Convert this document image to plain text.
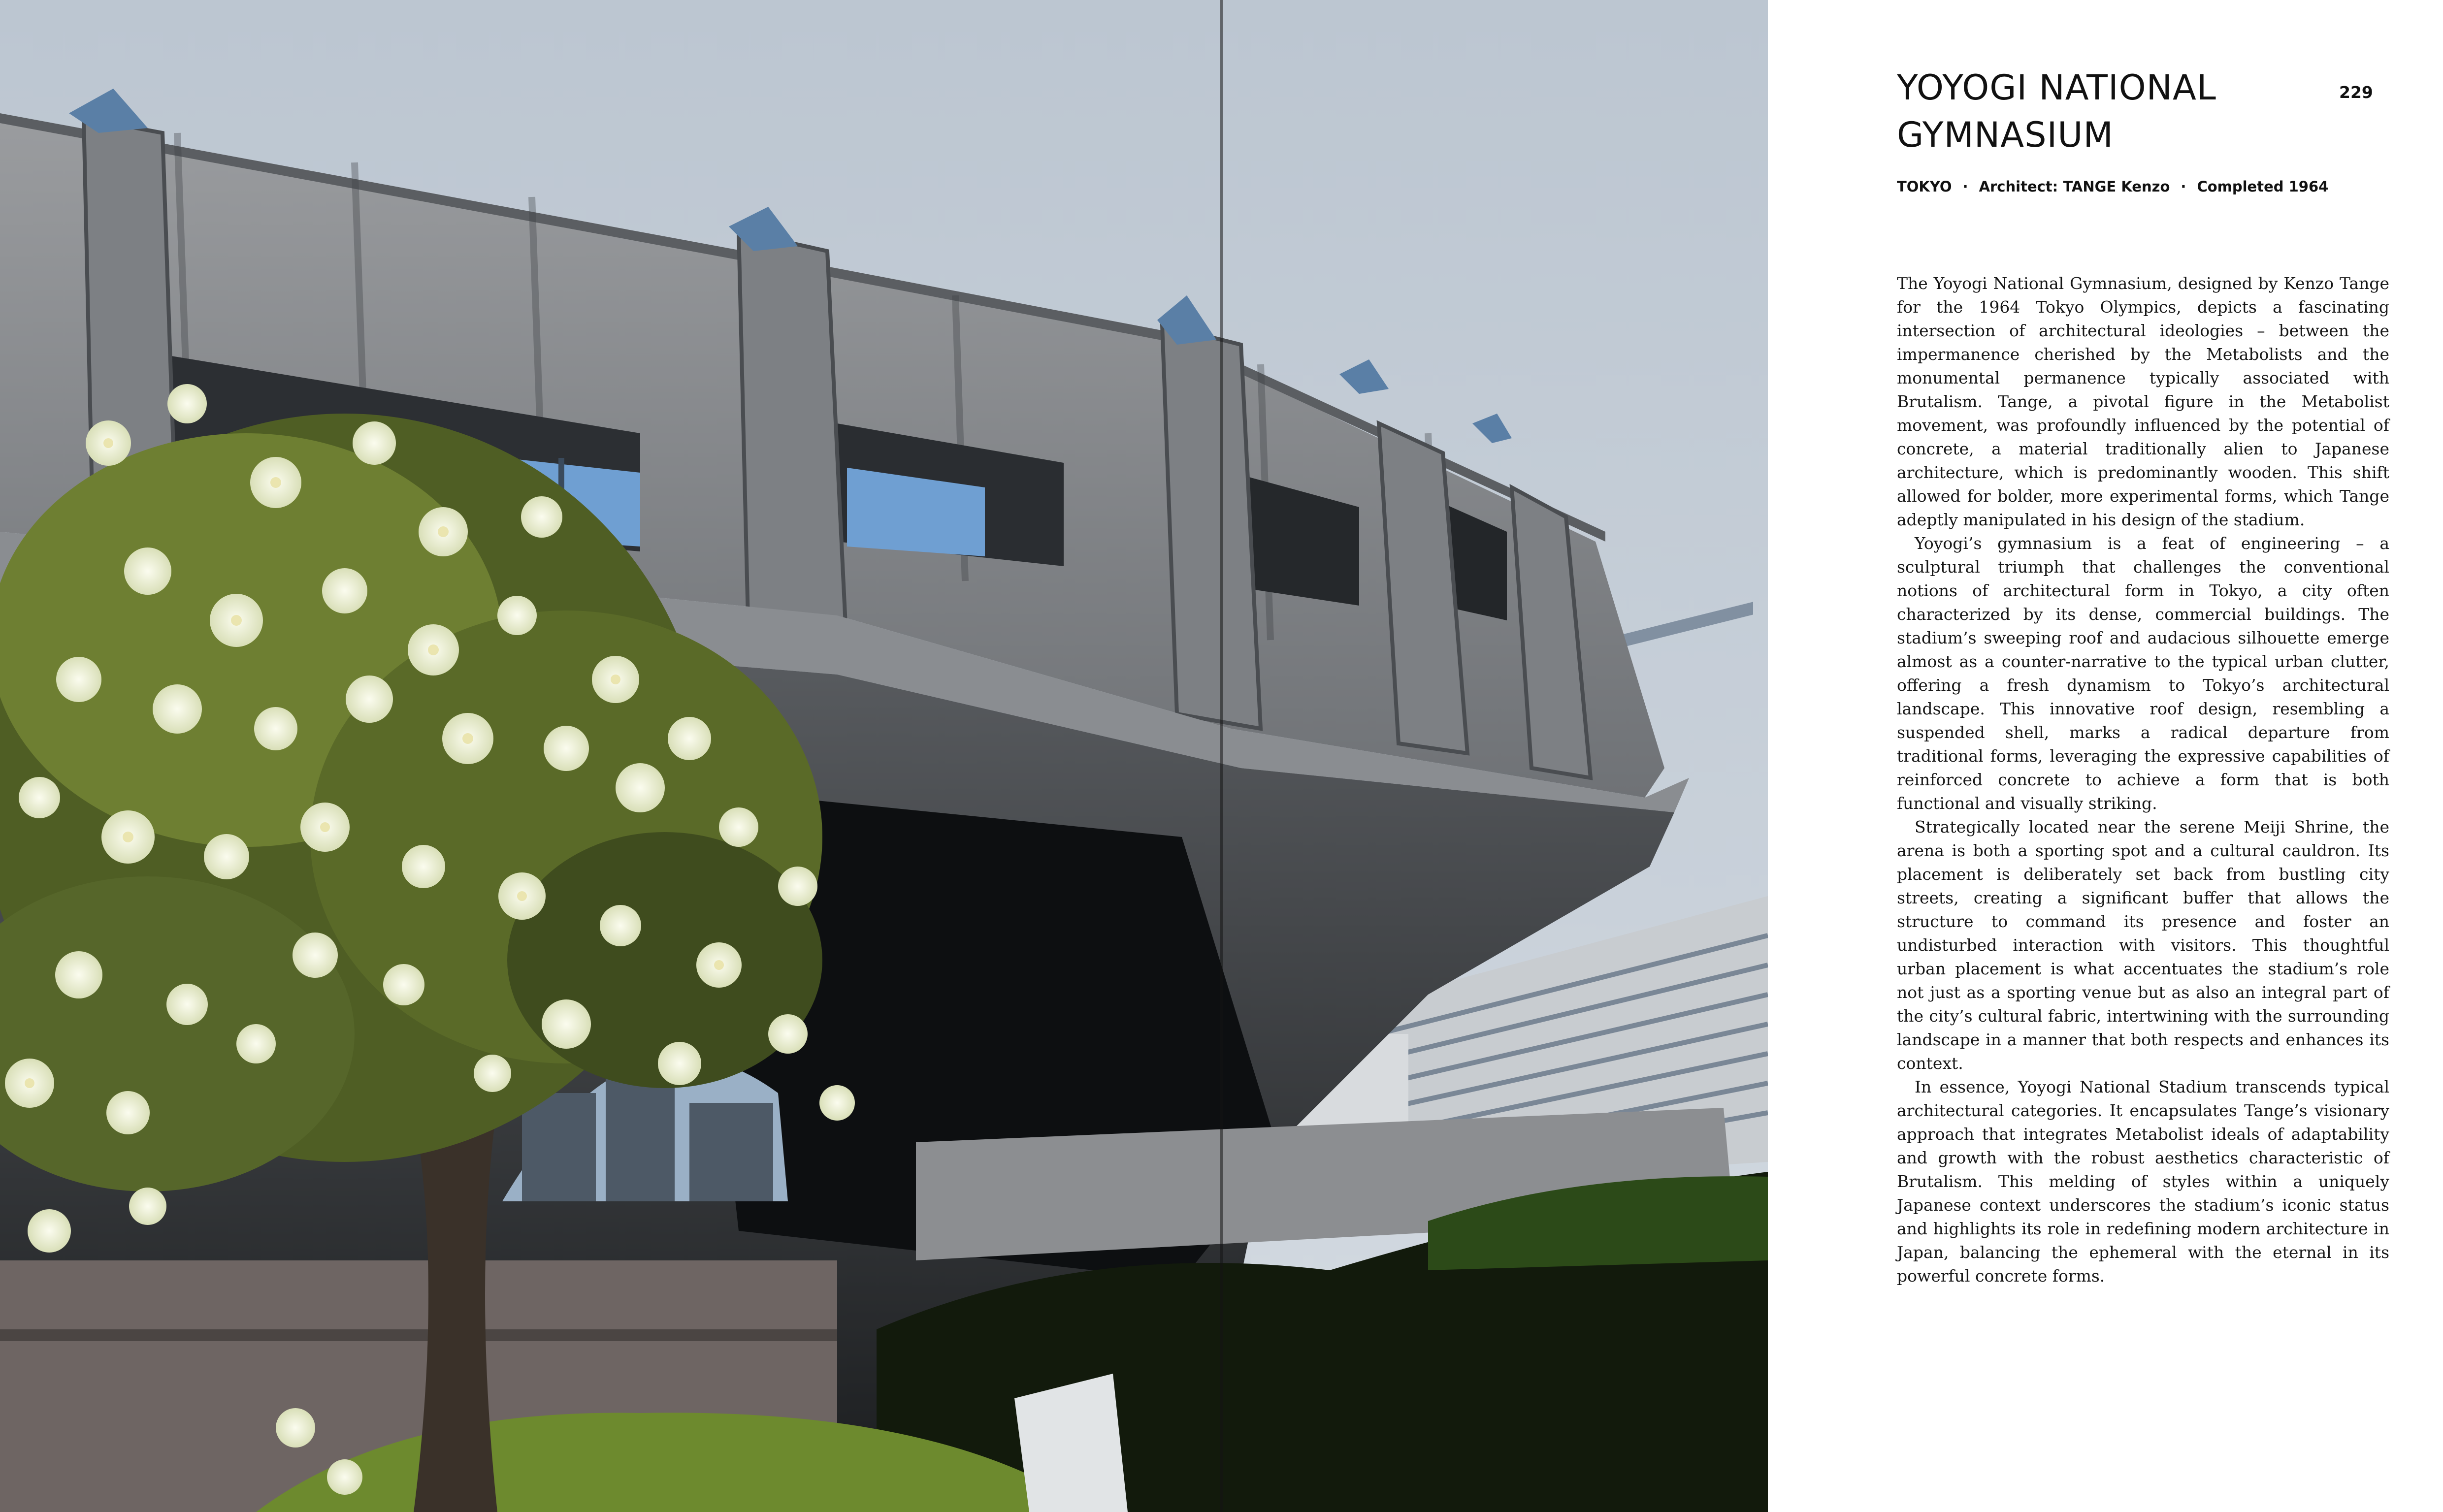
YOYOGI NATIONAL
GYMNASIUM
229
TOKYO · Architect: TANGE Kenzo · Completed 1964

The Yoyogi National Gymnasium, designed by Kenzo Tange for the 1964 Tokyo Olympics, depicts a fascinating intersection of architectural ideologies – between the impermanence cherished by the Metabolists and the monumental permanence typically associated with Brutalism. Tange, a pivotal figure in the Metabolist movement, was profoundly influenced by the potential of concrete, a material traditionally alien to Japanese architecture, which is predominantly wooden. This shift allowed for bolder, more experimental forms, which Tange adeptly manipulated in his design of the stadium.

Yoyogi’s gymnasium is a feat of engineering – a sculptural triumph that challenges the conventional notions of architectural form in Tokyo, a city often characterized by its dense, commercial buildings. The stadium’s sweeping roof and audacious silhouette emerge almost as a counter-narrative to the typical urban clutter, offering a fresh dynamism to Tokyo’s architectural landscape. This innovative roof design, resembling a suspended shell, marks a radical departure from traditional forms, leveraging the expressive capabilities of reinforced concrete to achieve a form that is both functional and visually striking.

Strategically located near the serene Meiji Shrine, the arena is both a sporting spot and a cultural cauldron. Its placement is deliberately set back from bustling city streets, creating a significant buffer that allows the structure to command its presence and foster an undisturbed interaction with visitors. This thoughtful urban placement is what accentuates the stadium’s role not just as a sporting venue but as also an integral part of the city’s cultural fabric, intertwining with the surrounding landscape in a manner that both respects and enhances its context.

In essence, Yoyogi National Stadium transcends typical architectural categories. It encapsulates Tange’s visionary approach that integrates Metabolist ideals of adaptability and growth with the robust aesthetics characteristic of Brutalism. This melding of styles within a uniquely Japanese context underscores the stadium’s iconic status and highlights its role in redefining modern architecture in Japan, balancing the ephemeral with the eternal in its powerful concrete forms.
